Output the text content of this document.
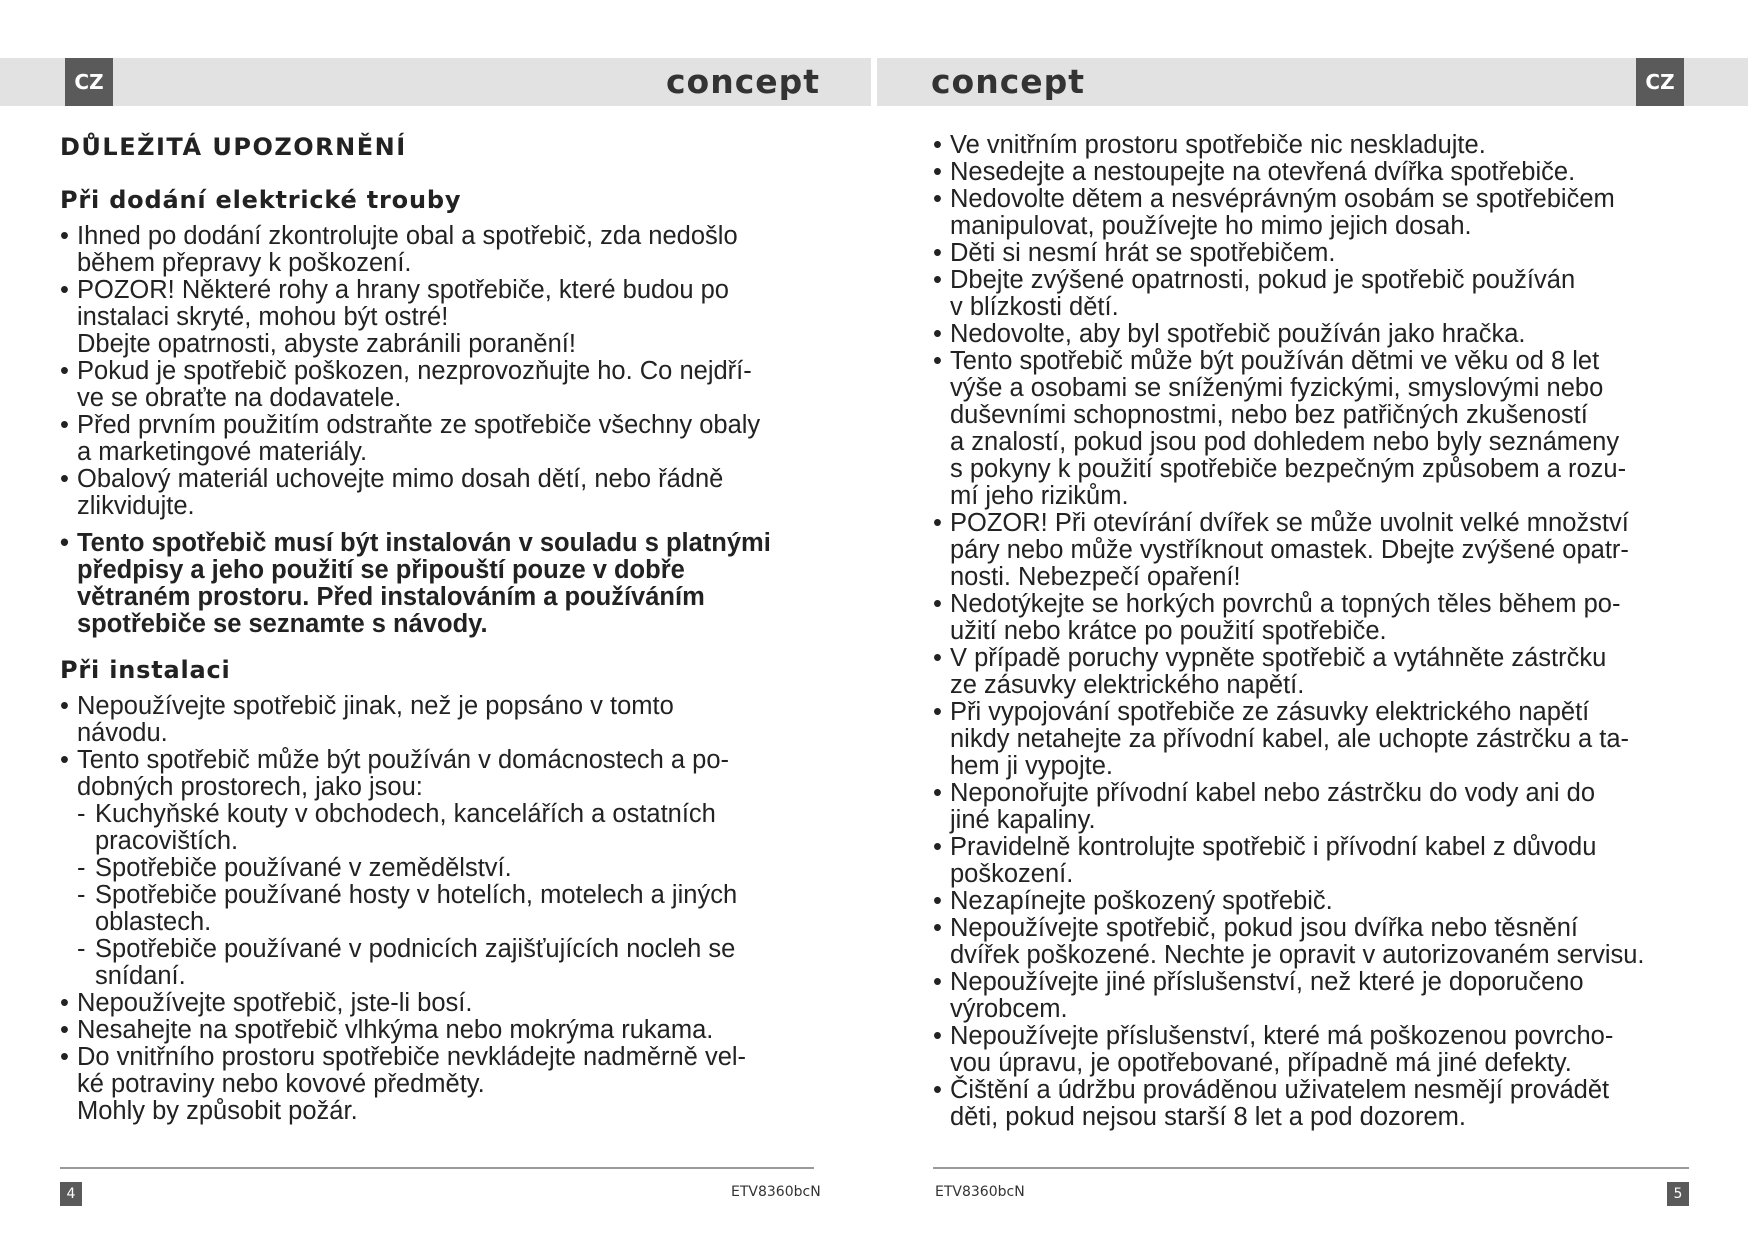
CZ	CZ
concept	concept
DŮLEŽITÁ UPOZORNĚNÍ
Při dodání elektrické trouby
• Ihned po dodání zkontrolujte obal a spotřebič, zda nedošlo
během přepravy k poškození.
• POZOR! Některé rohy a hrany spotřebiče, které budou po
instalaci skryté, mohou být ostré!
Dbejte opatrnosti, abyste zabránili poranění!
• Pokud je spotřebič poškozen, nezprovozňujte ho. Co nejdří-
ve se obraťte na dodavatele.
• Před prvním použitím odstraňte ze spotřebiče všechny obaly
a marketingové materiály.
• Obalový materiál uchovejte mimo dosah dětí, nebo řádně
zlikvidujte.
• Tento spotřebič musí být instalován v souladu s platnými
předpisy a jeho použití se připouští pouze v dobře
větraném prostoru. Před instalováním a používáním
spotřebiče se seznamte s návody.
Při instalaci
• Nepoužívejte spotřebič jinak, než je popsáno v tomto
návodu.
• Tento spotřebič může být používán v domácnostech a po-
dobných prostorech, jako jsou:
- Kuchyňské kouty v obchodech, kancelářích a ostatních
pracovištích.
- Spotřebiče používané v zemědělství.
- Spotřebiče používané hosty v hotelích, motelech a jiných
oblastech.
- Spotřebiče používané v podnicích zajišťujících nocleh se
snídaní.
• Nepoužívejte spotřebič, jste-li bosí.
• Nesahejte na spotřebič vlhkýma nebo mokrýma rukama.
• Do vnitřního prostoru spotřebiče nevkládejte nadměrně vel-
ké potraviny nebo kovové předměty.
Mohly by způsobit požár.
• Ve vnitřním prostoru spotřebiče nic neskladujte.
• Nesedejte a nestoupejte na otevřená dvířka spotřebiče.
• Nedovolte dětem a nesvéprávným osobám se spotřebičem
manipulovat, používejte ho mimo jejich dosah.
• Děti si nesmí hrát se spotřebičem.
• Dbejte zvýšené opatrnosti, pokud je spotřebič používán
v blízkosti dětí.
• Nedovolte, aby byl spotřebič používán jako hračka.
• Tento spotřebič může být používán dětmi ve věku od 8 let
výše a osobami se sníženými fyzickými, smyslovými nebo
duševními schopnostmi, nebo bez patřičných zkušeností
a znalostí, pokud jsou pod dohledem nebo byly seznámeny
s pokyny k použití spotřebiče bezpečným způsobem a rozu-
mí jeho rizikům.
• POZOR! Při otevírání dvířek se může uvolnit velké množství
páry nebo může vystříknout omastek. Dbejte zvýšené opatr-
nosti. Nebezpečí opaření!
• Nedotýkejte se horkých povrchů a topných těles během po-
užití nebo krátce po použití spotřebiče.
• V případě poruchy vypněte spotřebič a vytáhněte zástrčku
ze zásuvky elektrického napětí.
• Při vypojování spotřebiče ze zásuvky elektrického napětí
nikdy netahejte za přívodní kabel, ale uchopte zástrčku a ta-
hem ji vypojte.
• Neponořujte přívodní kabel nebo zástrčku do vody ani do
jiné kapaliny.
• Pravidelně kontrolujte spotřebič i přívodní kabel z důvodu
poškození.
• Nezapínejte poškozený spotřebič.
• Nepoužívejte spotřebič, pokud jsou dvířka nebo těsnění
dvířek poškozené. Nechte je opravit v autorizovaném servisu.
• Nepoužívejte jiné příslušenství, než které je doporučeno
výrobcem.
• Nepoužívejte příslušenství, které má poškozenou povrcho-
vou úpravu, je opotřebované, případně má jiné defekty.
• Čištění a údržbu prováděnou uživatelem nesmějí provádět
děti, pokud nejsou starší 8 let a pod dozorem.
4	5
ETV8360bcN	ETV8360bcN
